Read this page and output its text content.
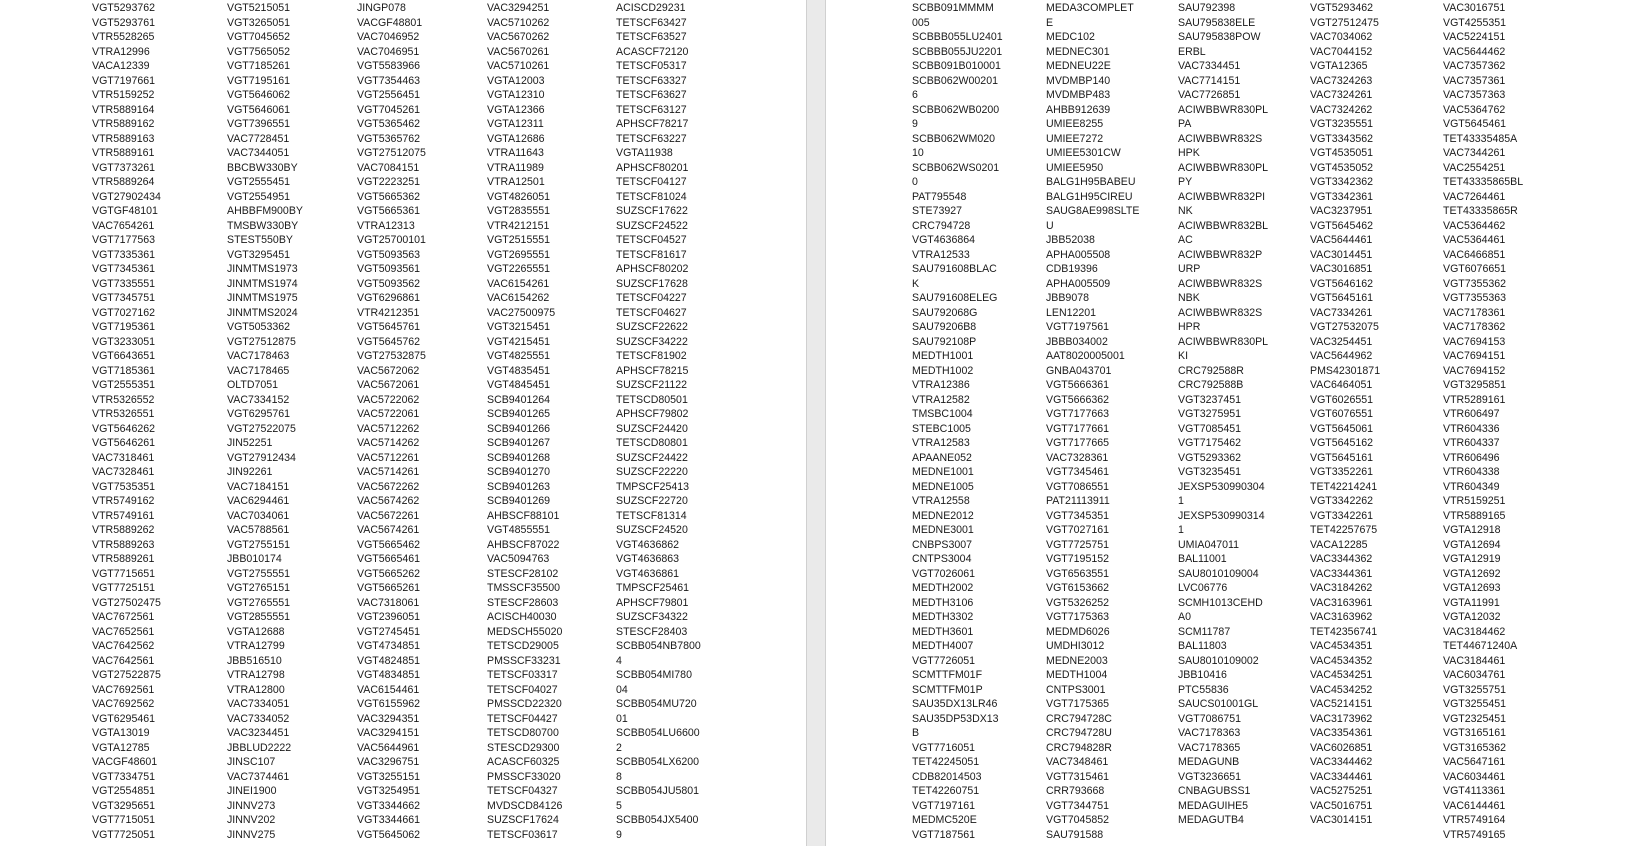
VGT5293762
VGT5293761
VTR5528265
VTRA12996
VACA12339
VGT7197661
VTR5159252
VTR5889164
VTR5889162
VTR5889163
VTR5889161
VGT7373261
VTR5889264
VGT27902434
VGTGF48101
VAC7654261
VGT7177563
VGT7335361
VGT7345361
VGT7335551
VGT7345751
VGT7027162
VGT7195361
VGT3233051
VGT6643651
VGT7185361
VGT2555351
VTR5326552
VTR5326551
VGT5646262
VGT5646261
VAC7318461
VAC7328461
VGT7535351
VTR5749162
VTR5749161
VTR5889262
VTR5889263
VTR5889261
VGT7715651
VGT7725151
VGT27502475
VAC7672561
VAC7652561
VAC7642562
VAC7642561
VGT27522875
VAC7692561
VAC7692562
VGT6295461
VGTA13019
VGTA12785
VACGF48601
VGT7334751
VGT2554851
VGT3295651
VGT7715051
VGT7725051
VGT5215051
VGT3265051
VGT7045652
VGT7565052
VGT7185261
VGT7195161
VGT5646062
VGT5646061
VGT7396551
VAC7728451
VAC7344051
BBCBW330BY
VGT2555451
VGT2554951
AHBBFM900BY
TMSBW330BY
STEST550BY
VGT3295451
JINMTMS1973
JINMTMS1974
JINMTMS1975
JINMTMS2024
VGT5053362
VGT27512875
VAC7178463
VAC7178465
OLTD7051
VAC7334152
VGT6295761
VGT27522075
JIN52251
VGT27912434
JIN92261
VAC7184151
VAC6294461
VAC7034061
VAC5788561
VGT2755151
JBB010174
VGT2755551
VGT2765151
VGT2765551
VGT2855551
VGTA12688
VTRA12799
JBB516510
VTRA12798
VTRA12800
VAC7334051
VAC7334052
VAC3234451
JBBLUD2222
JINSC107
VAC7374461
JINEI1900
JINNV273
JINNV202
JINNV275
JINGP078
VACGF48801
VAC7046952
VAC7046951
VGT5583966
VGT7354463
VGT2556451
VGT7045261
VGT5365462
VGT5365762
VGT27512075
VAC7084151
VGT2223251
VGT5665362
VGT5665361
VTRA12313
VGT25700101
VGT5093563
VGT5093561
VGT5093562
VGT6296861
VTR4212351
VGT5645761
VGT5645762
VGT27532875
VAC5672062
VAC5672061
VAC5722062
VAC5722061
VAC5712262
VAC5714262
VAC5712261
VAC5714261
VAC5672262
VAC5674262
VAC5672261
VAC5674261
VGT5665462
VGT5665461
VGT5665262
VGT5665261
VAC7318061
VGT2396051
VGT2745451
VGT4734851
VGT4824851
VGT4834851
VAC6154461
VGT6155962
VAC3294351
VAC3294151
VAC5644961
VAC3296751
VGT3255151
VGT3254951
VGT3344662
VGT3344661
VGT5645062
VAC3294251
VAC5710262
VAC5670262
VAC5670261
VAC5710261
VGTA12003
VGTA12310
VGTA12366
VGTA12311
VGTA12686
VTRA11643
VTRA11989
VTRA12501
VGT4826051
VGT2835551
VTR4212151
VGT2515551
VGT2695551
VGT2265551
VAC6154261
VAC6154262
VAC27500975
VGT3215451
VGT4215451
VGT4825551
VGT4835451
VGT4845451
SCB9401264
SCB9401265
SCB9401266
SCB9401267
SCB9401268
SCB9401270
SCB9401263
SCB9401269
AHBSCF88101
VGT4855551
AHBSCF87022
VAC5094763
STESCF28102
TMSSCF35500
STESCF28603
ACISCH40030
MEDSCH55020
TETSCD29005
PMSSCF33231
TETSCF03317
TETSCF04027
PMSSCD22320
TETSCF04427
TETSCD80700
STESCD29300
ACASCF60325
PMSSCF33020
TETSCF04327
MVDSCD84126
SUZSCF17624
TETSCF03617
ACISCD29231
TETSCF63427
TETSCF63527
ACASCF72120
TETSCF05317
TETSCF63327
TETSCF63627
TETSCF63127
APHSCF78217
TETSCF63227
VGTA11938
APHSCF80201
TETSCF04127
TETSCF81024
SUZSCF17622
SUZSCF24522
TETSCF04527
TETSCF81617
APHSCF80202
SUZSCF17628
TETSCF04227
TETSCF04627
SUZSCF22622
SUZSCF34222
TETSCF81902
APHSCF78215
SUZSCF21122
TETSCD80501
APHSCF79802
SUZSCF24420
TETSCD80801
SUZSCF24422
SUZSCF22220
TMPSCF25413
SUZSCF22720
TETSCF81314
SUZSCF24520
VGT4636862
VGT4636863
VGT4636861
TMPSCF25461
APHSCF79801
SUZSCF34322
STESCF28403
SCBB054NB7800
4
SCBB054MI780
04
SCBB054MU720
01
SCBB054LU6600
2
SCBB054LX6200
8
SCBB054JU5801
5
SCBB054JX5400
9
SCBB091MMMM
005
SCBBB055LU2401
SCBBB055JU2201
SCBB091B010001
SCBB062W00201
6
SCBB062WB0200
9
SCBB062WM020
10
SCBB062WS0201
0
PAT795548
STE73927
CRC794728
VGT4636864
VTRA12533
SAU791608BLAC
K
SAU791608ELEG
SAU792068G
SAU79206B8
SAU792108P
MEDTH1001
MEDTH1002
VTRA12386
VTRA12582
TMSBC1004
STEBC1005
VTRA12583
APAANE052
MEDNE1001
MEDNE1005
VTRA12558
MEDNE2012
MEDNE3001
CNBPS3007
CNTPS3004
VGT7026061
MEDTH2002
MEDTH3106
MEDTH3302
MEDTH3601
MEDTH4007
VGT7726051
SCMTTFM01F
SCMTTFM01P
SAU35DX13LR46
SAU35DP53DX13
B
VGT7716051
TET42245051
CDB82014503
TET42260751
VGT7197161
MEDMC520E
VGT7187561
MEDA3COMPLET
E
MEDC102
MEDNEC301
MEDNEU22E
MVDMBP140
MVDMBP483
AHBB912639
UMIEE8255
UMIEE7272
UMIEE5301CW
UMIEE5950
BALG1H95BABEU
BALG1H95CIREU
SAUG8AE998SLTE
U
JBB52038
APHA005508
CDB19396
APHA005509
JBB9078
LEN12201
VGT7197561
JBBB034002
AAT8020005001
GNBA043701
VGT5666361
VGT5666362
VGT7177663
VGT7177661
VGT7177665
VAC7328361
VGT7345461
VGT7086551
PAT21113911
VGT7345351
VGT7027161
VGT7725751
VGT7195152
VGT6563551
VGT6153662
VGT5326252
VGT7175363
MEDMD6026
UMDHI3012
MEDNE2003
MEDTH1004
CNTPS3001
VGT7175365
CRC794728C
CRC794728U
CRC794828R
VAC7348461
VGT7315461
CRR793668
VGT7344751
VGT7045852
SAU791588
SAU792398
SAU795838ELE
SAU795838POW
ERBL
VAC7334451
VAC7714151
VAC7726851
ACIWBBWR830PL
PA
ACIWBBWR832S
HPK
ACIWBBWR830PL
PY
ACIWBBWR832PI
NK
ACIWBBWR832BL
AC
ACIWBBWR832P
URP
ACIWBBWR832S
NBK
ACIWBBWR832S
HPR
ACIWBBWR830PL
KI
CRC792588R
CRC792588B
VGT3237451
VGT3275951
VGT7085451
VGT7175462
VGT5293362
VGT3235451
JEXSP530990304
1
JEXSP530990314
1
UMIA047011
BAL11001
SAU8010109004
LVC06776
SCMH1013CEHD
A0
SCM11787
BAL11803
SAU8010109002
JBB10416
PTC55836
SAUCS01001GL
VGT7086751
VAC7178363
VAC7178365
MEDAGUNB
VGT3236651
CNBAGUBSS1
MEDAGUIHE5
MEDAGUTB4
VGT5293462
VGT27512475
VAC7034062
VAC7044152
VGTA12365
VAC7324263
VAC7324261
VAC7324262
VGT3235551
VGT3343562
VGT4535051
VGT4535052
VGT3342362
VGT3342361
VAC3237951
VGT5645462
VAC5644461
VAC3014451
VAC3016851
VGT5646162
VGT5645161
VAC7334261
VGT27532075
VAC3254451
VAC5644962
PMS42301871
VAC6464051
VGT6026551
VGT6076551
VGT5645061
VGT5645162
VGT5645161
VGT3352261
TET42214241
VGT3342262
VGT3342261
TET42257675
VACA12285
VAC3344362
VAC3344361
VAC3184262
VAC3163961
VAC3163962
TET42356741
VAC4534351
VAC4534352
VAC4534251
VAC4534252
VAC5214151
VAC3173962
VAC3354361
VAC6026851
VAC3344462
VAC3344461
VAC5275251
VAC5016751
VAC3014151
VAC3016751
VGT4255351
VAC5224151
VAC5644462
VAC7357362
VAC7357361
VAC7357363
VAC5364762
VGT5645461
TET43335485A
VAC7344261
VAC2554251
TET43335865BL
VAC7264461
TET43335865R
VAC5364462
VAC5364461
VAC6466851
VGT6076651
VGT7355362
VGT7355363
VAC7178361
VAC7178362
VAC7694153
VAC7694151
VAC7694152
VGT3295851
VTR5289161
VTR606497
VTR604336
VTR604337
VTR606496
VTR604338
VTR604349
VTR5159251
VTR5889165
VGTA12918
VGTA12694
VGTA12919
VGTA12692
VGTA12693
VGTA11991
VGTA12032
VAC3184462
TET44671240A
VAC3184461
VAC6034761
VGT3255751
VGT3255451
VGT2325451
VGT3165161
VGT3165362
VAC5647161
VAC6034461
VGT4113361
VAC6144461
VTR5749164
VTR5749165
